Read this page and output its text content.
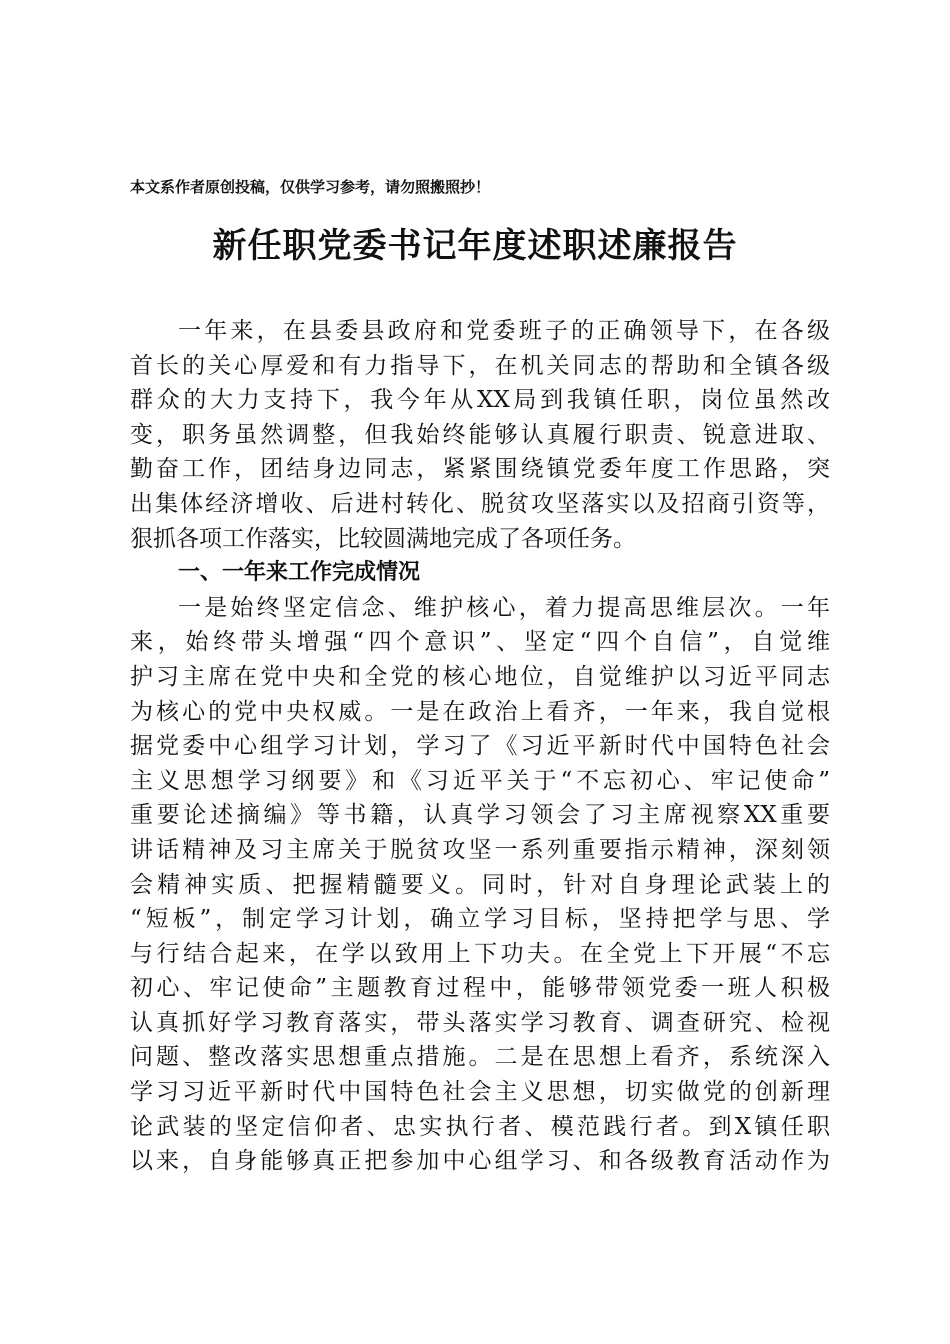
本文系作者原创投稿，仅供学习参考，请勿照搬照抄！
新任职党委书记年度述职述廉报告
一年来，在县委县政府和党委班子的正确领导下，在各级
首长的关心厚爱和有力指导下，在机关同志的帮助和全镇各级
群众的大力支持下，我今年从XX局到我镇任职，岗位虽然改
变，职务虽然调整，但我始终能够认真履行职责、锐意进取、
勤奋工作，团结身边同志，紧紧围绕镇党委年度工作思路，突
出集体经济增收、后进村转化、脱贫攻坚落实以及招商引资等，
狠抓各项工作落实，比较圆满地完成了各项任务。
一、一年来工作完成情况
一是始终坚定信念、维护核心，着力提高思维层次。一年
来，始终带头增强“四个意识”、坚定“四个自信”，自觉维
护习主席在党中央和全党的核心地位，自觉维护以习近平同志
为核心的党中央权威。一是在政治上看齐，一年来，我自觉根
据党委中心组学习计划，学习了《习近平新时代中国特色社会
主义思想学习纲要》和《习近平关于“不忘初心、牢记使命”
重要论述摘编》等书籍，认真学习领会了习主席视察XX重要
讲话精神及习主席关于脱贫攻坚一系列重要指示精神，深刻领
会精神实质、把握精髓要义。同时，针对自身理论武装上的
“短板”，制定学习计划，确立学习目标，坚持把学与思、学
与行结合起来，在学以致用上下功夫。在全党上下开展“不忘
初心、牢记使命”主题教育过程中，能够带领党委一班人积极
认真抓好学习教育落实，带头落实学习教育、调查研究、检视
问题、整改落实思想重点措施。二是在思想上看齐，系统深入
学习习近平新时代中国特色社会主义思想，切实做党的创新理
论武装的坚定信仰者、忠实执行者、模范践行者。到X镇任职
以来，自身能够真正把参加中心组学习、和各级教育活动作为
